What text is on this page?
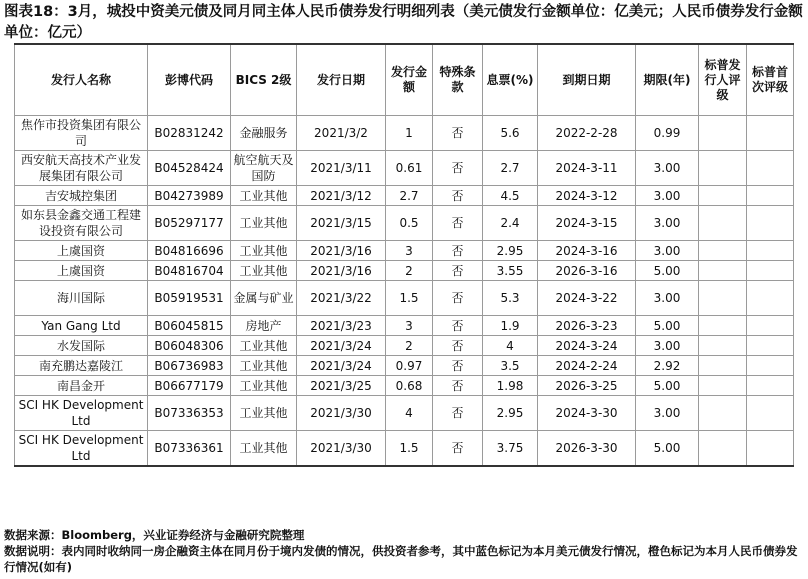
图表18：3月，城投中资美元债及同月同主体人民币债券发行明细列表（美元债发行金额单位：亿美元；人民币债券发行金额单位：亿元）
发行人名称	彭博代码	BICS 2级	发行日期	发行金额	特殊条款	息票(%)	到期日期	期限(年)	标普发行人评级	标普首次评级
焦作市投资集团有限公司	B02831242	金融服务	2021/3/2	1	否	5.6	2022-2-28	0.99		
西安航天高技术产业发展集团有限公司	B04528424	航空航天及国防	2021/3/11	0.61	否	2.7	2024-3-11	3.00		
吉安城控集团	B04273989	工业其他	2021/3/12	2.7	否	4.5	2024-3-12	3.00		
如东县金鑫交通工程建设投资有限公司	B05297177	工业其他	2021/3/15	0.5	否	2.4	2024-3-15	3.00		
上虞国资	B04816696	工业其他	2021/3/16	3	否	2.95	2024-3-16	3.00		
上虞国资	B04816704	工业其他	2021/3/16	2	否	3.55	2026-3-16	5.00		
海川国际	B05919531	金属与矿业	2021/3/22	1.5	否	5.3	2024-3-22	3.00		
Yan Gang Ltd	B06045815	房地产	2021/3/23	3	否	1.9	2026-3-23	5.00		
水发国际	B06048306	工业其他	2021/3/24	2	否	4	2024-3-24	3.00		
南充鹏达嘉陵江	B06736983	工业其他	2021/3/24	0.97	否	3.5	2024-2-24	2.92		
南昌金开	B06677179	工业其他	2021/3/25	0.68	否	1.98	2026-3-25	5.00		
SCI HK Development Ltd	B07336353	工业其他	2021/3/30	4	否	2.95	2024-3-30	3.00		
SCI HK Development Ltd	B07336361	工业其他	2021/3/30	1.5	否	3.75	2026-3-30	5.00		
数据来源：Bloomberg，兴业证券经济与金融研究院整理
数据说明：表内同时收纳同一房企融资主体在同月份于境内发债的情况，供投资者参考，其中蓝色标记为本月美元债发行情况，橙色标记为本月人民币债券发行情况(如有)
